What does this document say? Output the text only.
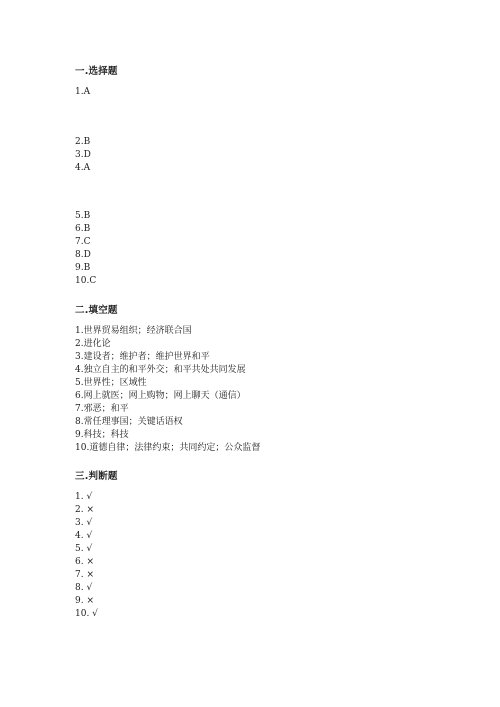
一.选择题
1.A
2.B
3.D
4.A
5.B
6.B
7.C
8.D
9.B
10.C
二.填空题
1.世界贸易组织；经济联合国
2.进化论
3.建设者；维护者；维护世界和平
4.独立自主的和平外交；和平共处共同发展
5.世界性；区域性
6.网上就医；网上购物；网上聊天（通信）
7.邪恶；和平
8.常任理事国；关键话语权
9.科技；科技
10.道德自律；法律约束；共同约定；公众监督
三.判断题
1. √
2. ×
3. √
4. √
5. √
6. ×
7. ×
8. √
9. ×
10. √
